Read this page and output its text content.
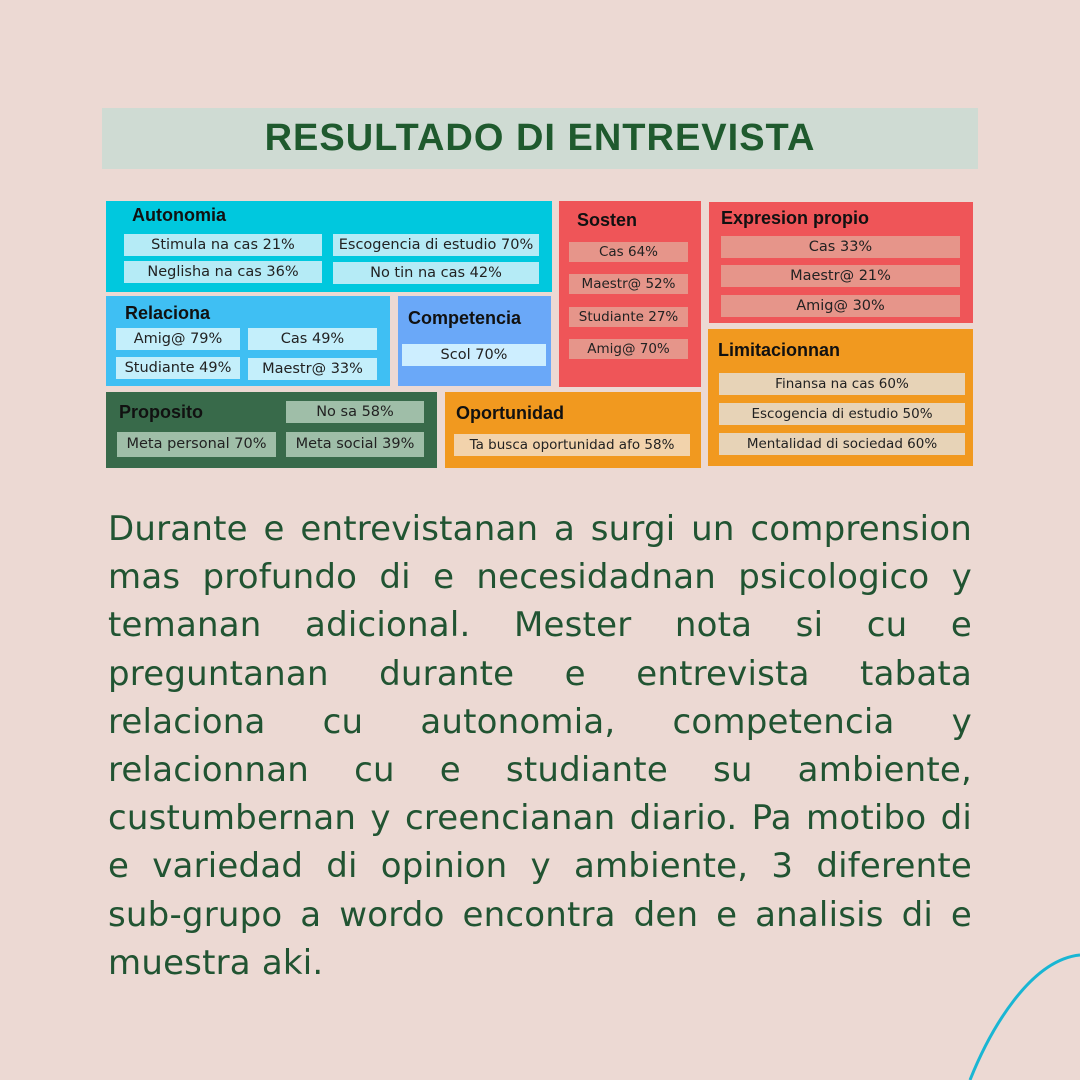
RESULTADO DI ENTREVISTA
Autonomia
Stimula na cas 21%	Escogencia di estudio 70%
Neglisha na cas 36%	No tin na cas 42%
Relaciona
Amig@ 79%	Cas 49%
Studiante 49%	Maestr@ 33%
Competencia
Scol 70%
Sosten
Cas 64%
Maestr@ 52%
Studiante 27%
Amig@ 70%
Expresion propio
Cas 33%
Maestr@ 21%
Amig@ 30%
Limitacionnan
Finansa na cas 60%
Escogencia di estudio 50%
Mentalidad di sociedad 60%
Proposito	No sa 58%
Meta personal 70%	Meta social 39%
Oportunidad
Ta busca oportunidad afo 58%

Durante e entrevistanan a surgi un comprension mas profundo di e necesidadnan psicologico y temanan adicional. Mester nota si cu e preguntanan durante e entrevista tabata relaciona cu autonomia, competencia y relacionnan cu e studiante su ambiente, custumbernan y creencianan diario. Pa motibo di e variedad di opinion y ambiente, 3 diferente sub-grupo a wordo encontra den e analisis di e muestra aki.
